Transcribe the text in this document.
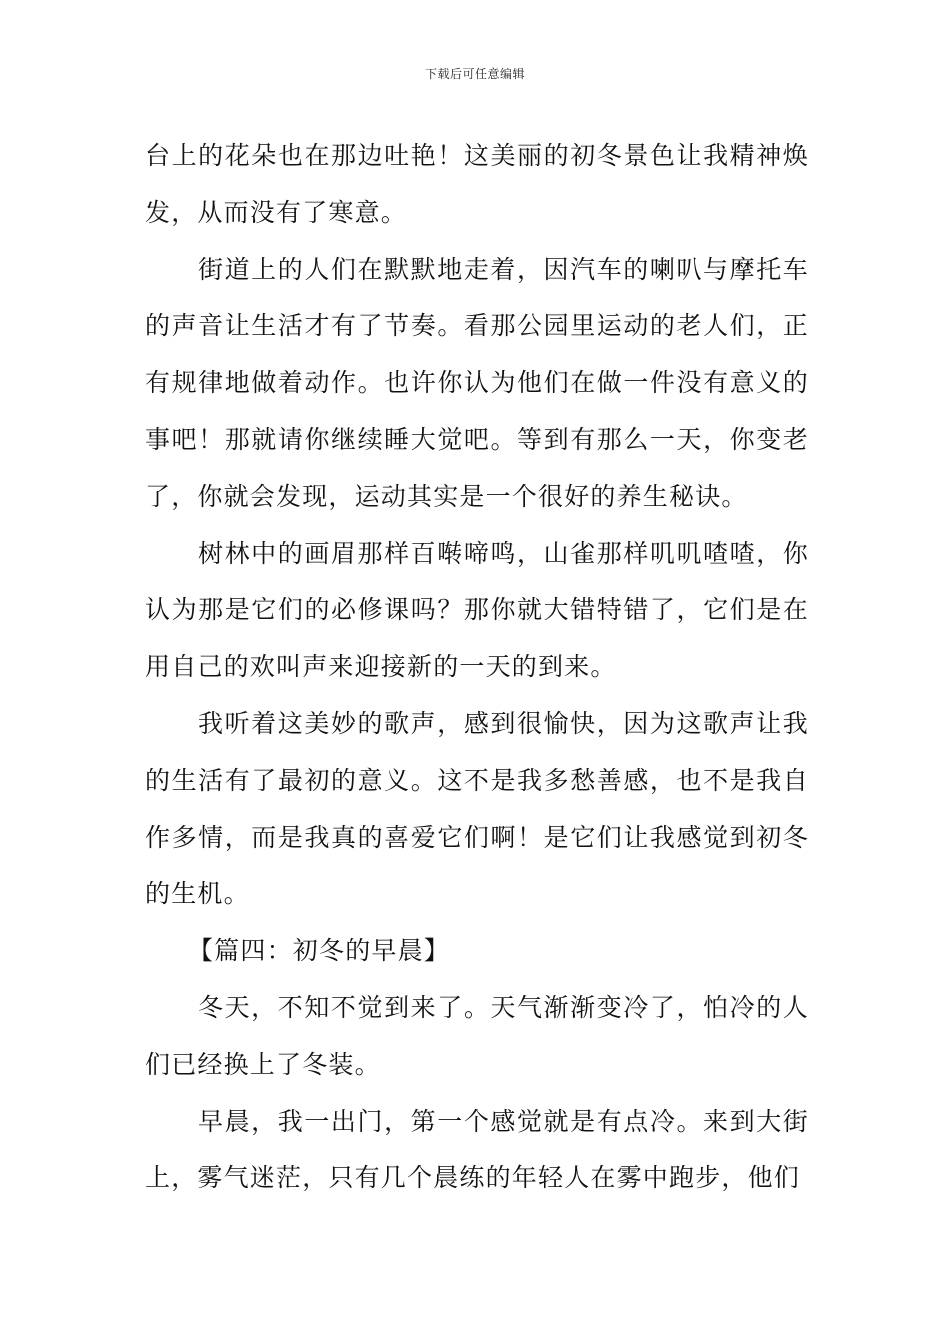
下载后可任意编辑

台上的花朵也在那边吐艳！这美丽的初冬景色让我精神焕发，从而没有了寒意。

街道上的人们在默默地走着，因汽车的喇叭与摩托车的声音让生活才有了节奏。看那公园里运动的老人们，正有规律地做着动作。也许你认为他们在做一件没有意义的事吧！那就请你继续睡大觉吧。等到有那么一天，你变老了，你就会发现，运动其实是一个很好的养生秘诀。

树林中的画眉那样百啭啼鸣，山雀那样叽叽喳喳，你认为那是它们的必修课吗？那你就大错特错了，它们是在用自己的欢叫声来迎接新的一天的到来。

我听着这美妙的歌声，感到很愉快，因为这歌声让我的生活有了最初的意义。这不是我多愁善感，也不是我自作多情，而是我真的喜爱它们啊！是它们让我感觉到初冬的生机。

【篇四：初冬的早晨】

冬天，不知不觉到来了。天气渐渐变冷了，怕冷的人们已经换上了冬装。

早晨，我一出门，第一个感觉就是有点冷。来到大街上，雾气迷茫，只有几个晨练的年轻人在雾中跑步，他们
